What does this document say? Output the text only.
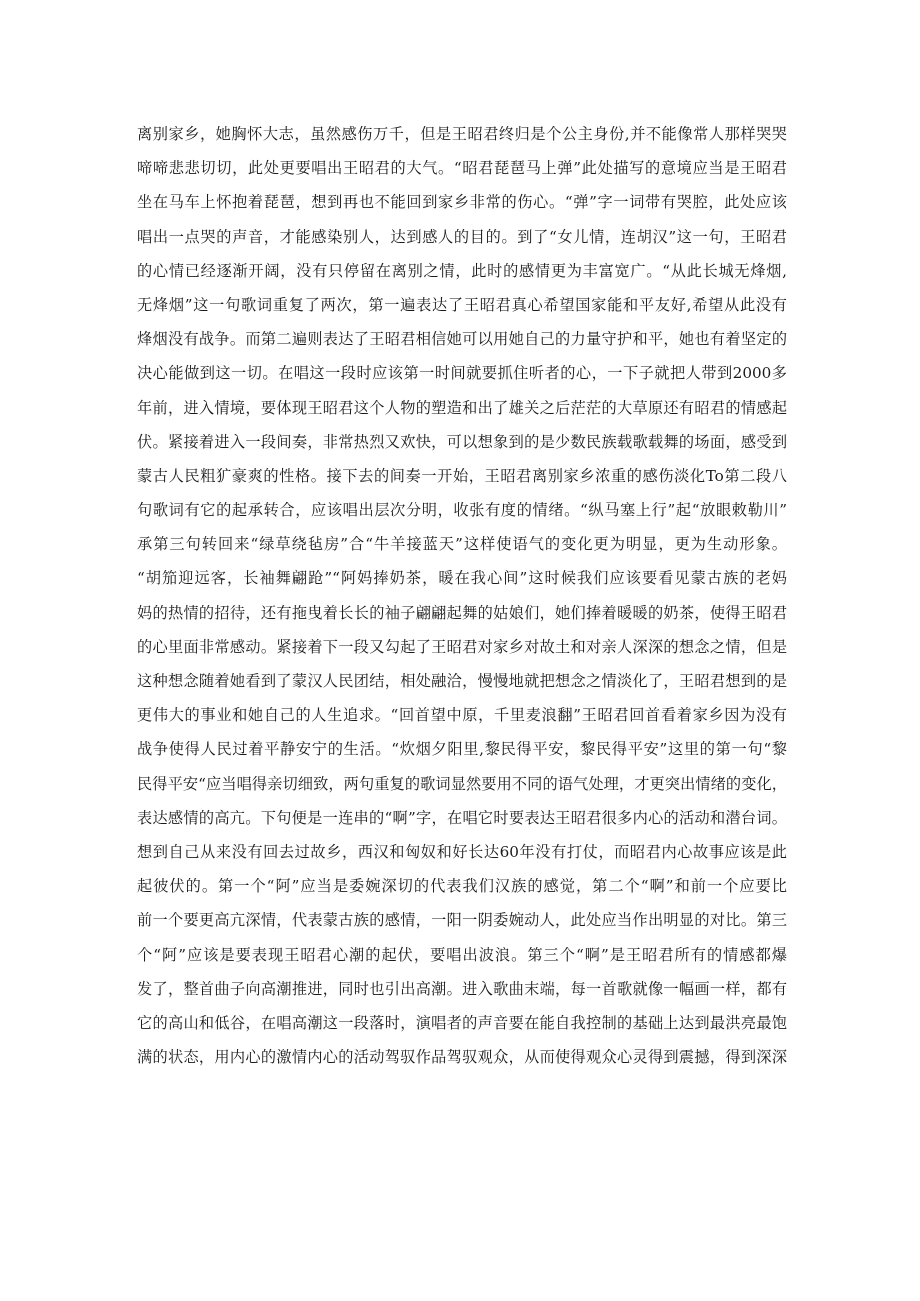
离别家乡，她胸怀大志，虽然感伤万千，但是王昭君终归是个公主身份,并不能像常人那样哭哭
啼啼悲悲切切，此处更要唱出王昭君的大气。“昭君琵琶马上弹”此处描写的意境应当是王昭君
坐在马车上怀抱着琵琶，想到再也不能回到家乡非常的伤心。“弹”字一词带有哭腔，此处应该
唱出一点哭的声音，才能感染别人，达到感人的目的。到了“女儿情，连胡汉”这一句，王昭君
的心情已经逐渐开阔，没有只停留在离别之情，此时的感情更为丰富宽广。“从此长城无烽烟,
无烽烟”这一句歌词重复了两次，第一遍表达了王昭君真心希望国家能和平友好,希望从此没有
烽烟没有战争。而第二遍则表达了王昭君相信她可以用她自己的力量守护和平，她也有着坚定的
决心能做到这一切。在唱这一段时应该第一时间就要抓住听者的心，一下子就把人带到2000多
年前，进入情境，要体现王昭君这个人物的塑造和出了雄关之后茫茫的大草原还有昭君的情感起
伏。紧接着进入一段间奏，非常热烈又欢快，可以想象到的是少数民族载歌载舞的场面，感受到
蒙古人民粗犷豪爽的性格。接下去的间奏一开始，王昭君离别家乡浓重的感伤淡化To第二段八
句歌词有它的起承转合，应该唱出层次分明，收张有度的情绪。“纵马塞上行”起“放眼敕勒川”
承第三句转回来“绿草绕毡房”合“牛羊接蓝天”这样使语气的变化更为明显，更为生动形象。
“胡笳迎远客，长袖舞翩跄”“阿妈捧奶茶，暖在我心间”这时候我们应该要看见蒙古族的老妈
妈的热情的招待，还有拖曳着长长的袖子翩翩起舞的姑娘们，她们捧着暖暖的奶茶，使得王昭君
的心里面非常感动。紧接着下一段又勾起了王昭君对家乡对故土和对亲人深深的想念之情，但是
这种想念随着她看到了蒙汉人民团结，相处融洽，慢慢地就把想念之情淡化了，王昭君想到的是
更伟大的事业和她自己的人生追求。“回首望中原，千里麦浪翻”王昭君回首看着家乡因为没有
战争使得人民过着平静安宁的生活。“炊烟夕阳里,黎民得平安，黎民得平安”这里的第一句“黎
民得平安“应当唱得亲切细致，两句重复的歌词显然要用不同的语气处理，才更突出情绪的变化，
表达感情的高亢。下句便是一连串的“啊”字，在唱它时要表达王昭君很多内心的活动和潜台词。
想到自己从来没有回去过故乡，西汉和匈奴和好长达60年没有打仗，而昭君内心故事应该是此
起彼伏的。第一个“阿”应当是委婉深切的代表我们汉族的感觉，第二个“啊”和前一个应要比
前一个要更高亢深情，代表蒙古族的感情，一阳一阴委婉动人，此处应当作出明显的对比。第三
个“阿”应该是要表现王昭君心潮的起伏，要唱出波浪。第三个“啊”是王昭君所有的情感都爆
发了，整首曲子向高潮推进，同时也引出高潮。进入歌曲末端，每一首歌就像一幅画一样，都有
它的高山和低谷，在唱高潮这一段落时，演唱者的声音要在能自我控制的基础上达到最洪亮最饱
满的状态，用内心的激情内心的活动驾驭作品驾驭观众，从而使得观众心灵得到震撼，得到深深
